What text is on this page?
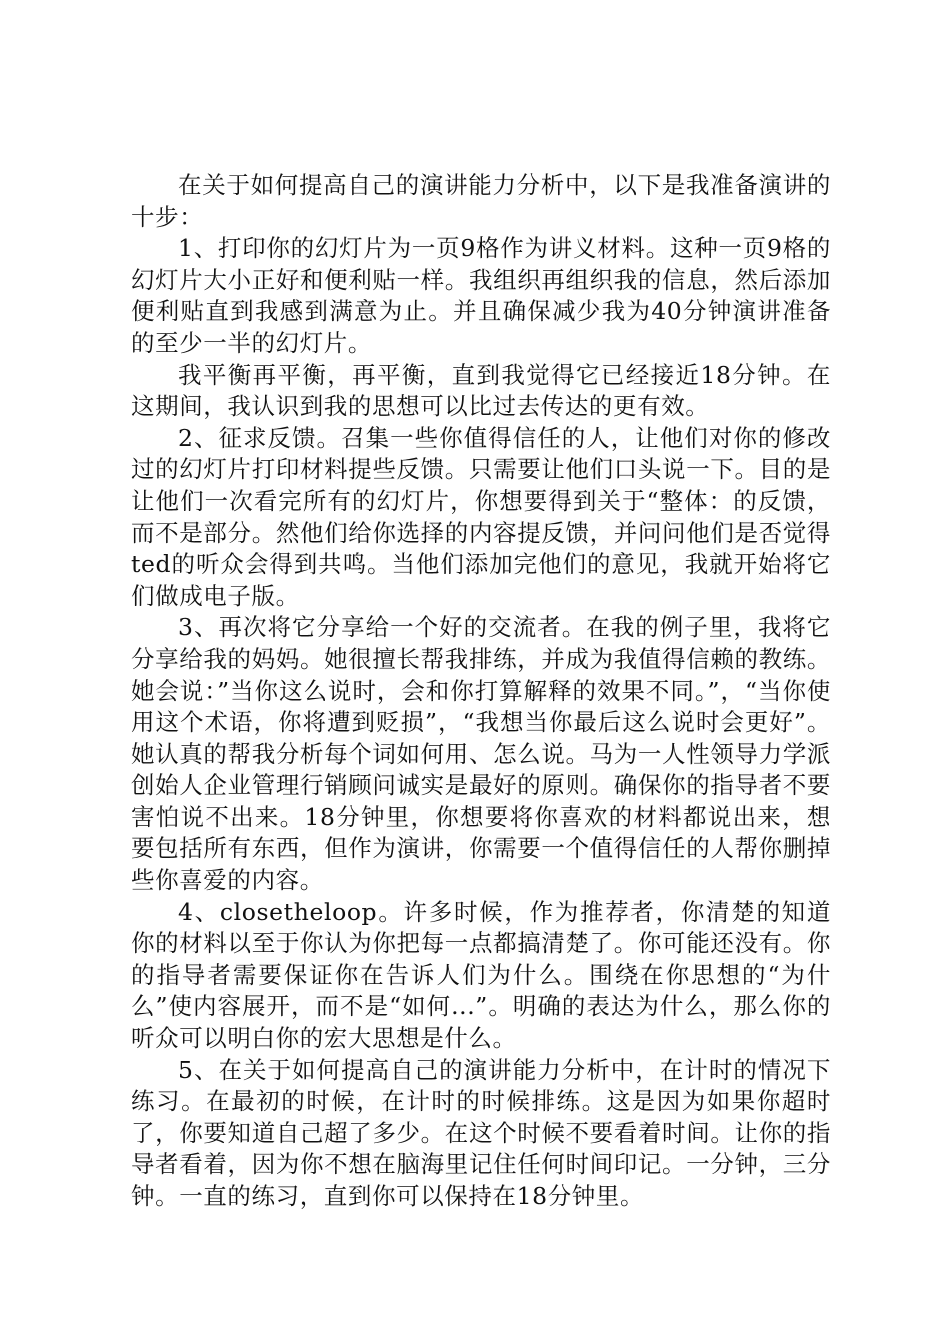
在关于如何提高自己的演讲能力分析中，以下是我准备演讲的十步：

1、打印你的幻灯片为一页9格作为讲义材料。这种一页9格的幻灯片大小正好和便利贴一样。我组织再组织我的信息，然后添加便利贴直到我感到满意为止。并且确保减少我为40分钟演讲准备的至少一半的幻灯片。

我平衡再平衡，再平衡，直到我觉得它已经接近18分钟。在这期间，我认识到我的思想可以比过去传达的更有效。

2、征求反馈。召集一些你值得信任的人，让他们对你的修改过的幻灯片打印材料提些反馈。只需要让他们口头说一下。目的是让他们一次看完所有的幻灯片，你想要得到关于“整体：的反馈，而不是部分。然他们给你选择的内容提反馈，并问问他们是否觉得ted的听众会得到共鸣。当他们添加完他们的意见，我就开始将它们做成电子版。

3、再次将它分享给一个好的交流者。在我的例子里，我将它分享给我的妈妈。她很擅长帮我排练，并成为我值得信赖的教练。她会说：”当你这么说时，会和你打算解释的效果不同。”，“当你使用这个术语，你将遭到贬损”，“我想当你最后这么说时会更好”。她认真的帮我分析每个词如何用、怎么说。马为一人性领导力学派创始人企业管理行销顾问诚实是最好的原则。确保你的指导者不要害怕说不出来。18分钟里，你想要将你喜欢的材料都说出来，想要包括所有东西，但作为演讲，你需要一个值得信任的人帮你删掉些你喜爱的内容。

4、closetheloop。许多时候，作为推荐者，你清楚的知道你的材料以至于你认为你把每一点都搞清楚了。你可能还没有。你的指导者需要保证你在告诉人们为什么。围绕在你思想的“为什么”使内容展开，而不是“如何...”。明确的表达为什么，那么你的听众可以明白你的宏大思想是什么。

5、在关于如何提高自己的演讲能力分析中，在计时的情况下练习。在最初的时候，在计时的时候排练。这是因为如果你超时了，你要知道自己超了多少。在这个时候不要看着时间。让你的指导者看着，因为你不想在脑海里记住任何时间印记。一分钟，三分钟。一直的练习，直到你可以保持在18分钟里。
